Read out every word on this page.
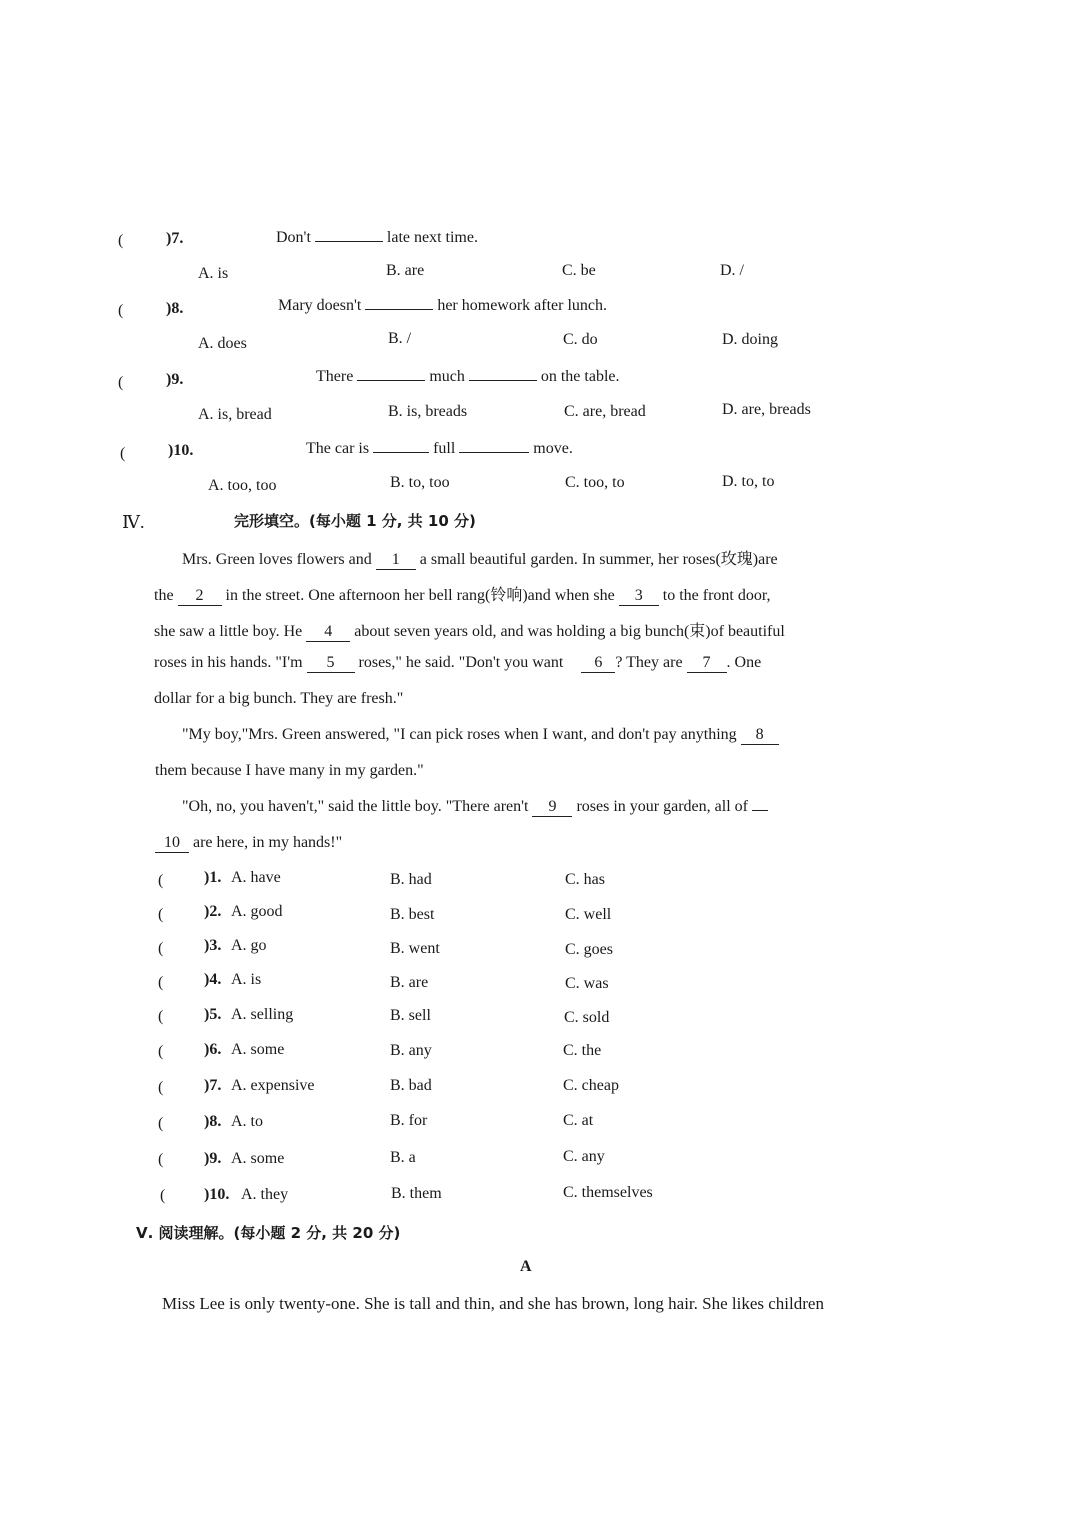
(	)7.	Don't	late next time.
A. is	B. are	C. be	D. /
(	)8.	Mary doesn't	her homework after lunch.
A. does	B. /	C. do	D. doing
(	)9.	There	much	on the table.
A. is, bread	B. is, breads	C. are, bread	D. are, breads
(	)10.	The car is	full	move.
A. too, too	B. to, too	C. too, to	D. to, to
Ⅳ.	完形填空。(每小题 1 分, 共 10 分)
Mrs. Green loves flowers and 1 a small beautiful garden. In summer, her roses(玫瑰)are
the 2 in the street. One afternoon her bell rang(铃响)and when she 3 to the front door,
she saw a little boy. He 4 about seven years old, and was holding a big bunch(束)of beautiful
roses in his hands. "I'm 5 roses," he said. "Don't you want 6 ? They are 7 . One
dollar for a big bunch. They are fresh."
"My boy,"Mrs. Green answered, "I can pick roses when I want, and don't pay anything 8
them because I have many in my garden."
"Oh, no, you haven't," said the little boy. "There aren't 9 roses in your garden, all of
10 are here, in my hands!"
(	)1. A. have	B. had	C. has
(	)2. A. good	B. best	C. well
(	)3. A. go	B. went	C. goes
(	)4. A. is	B. are	C. was
(	)5. A. selling	B. sell	C. sold
(	)6. A. some	B. any	C. the
(	)7. A. expensive	B. bad	C. cheap
(	)8. A. to	B. for	C. at
(	)9. A. some	B. a	C. any
( )10. A. they	B. them	C. themselves
Ⅴ. 阅读理解。(每小题 2 分, 共 20 分)
A
Miss Lee is only twenty-one. She is tall and thin, and she has brown, long hair. She likes children
